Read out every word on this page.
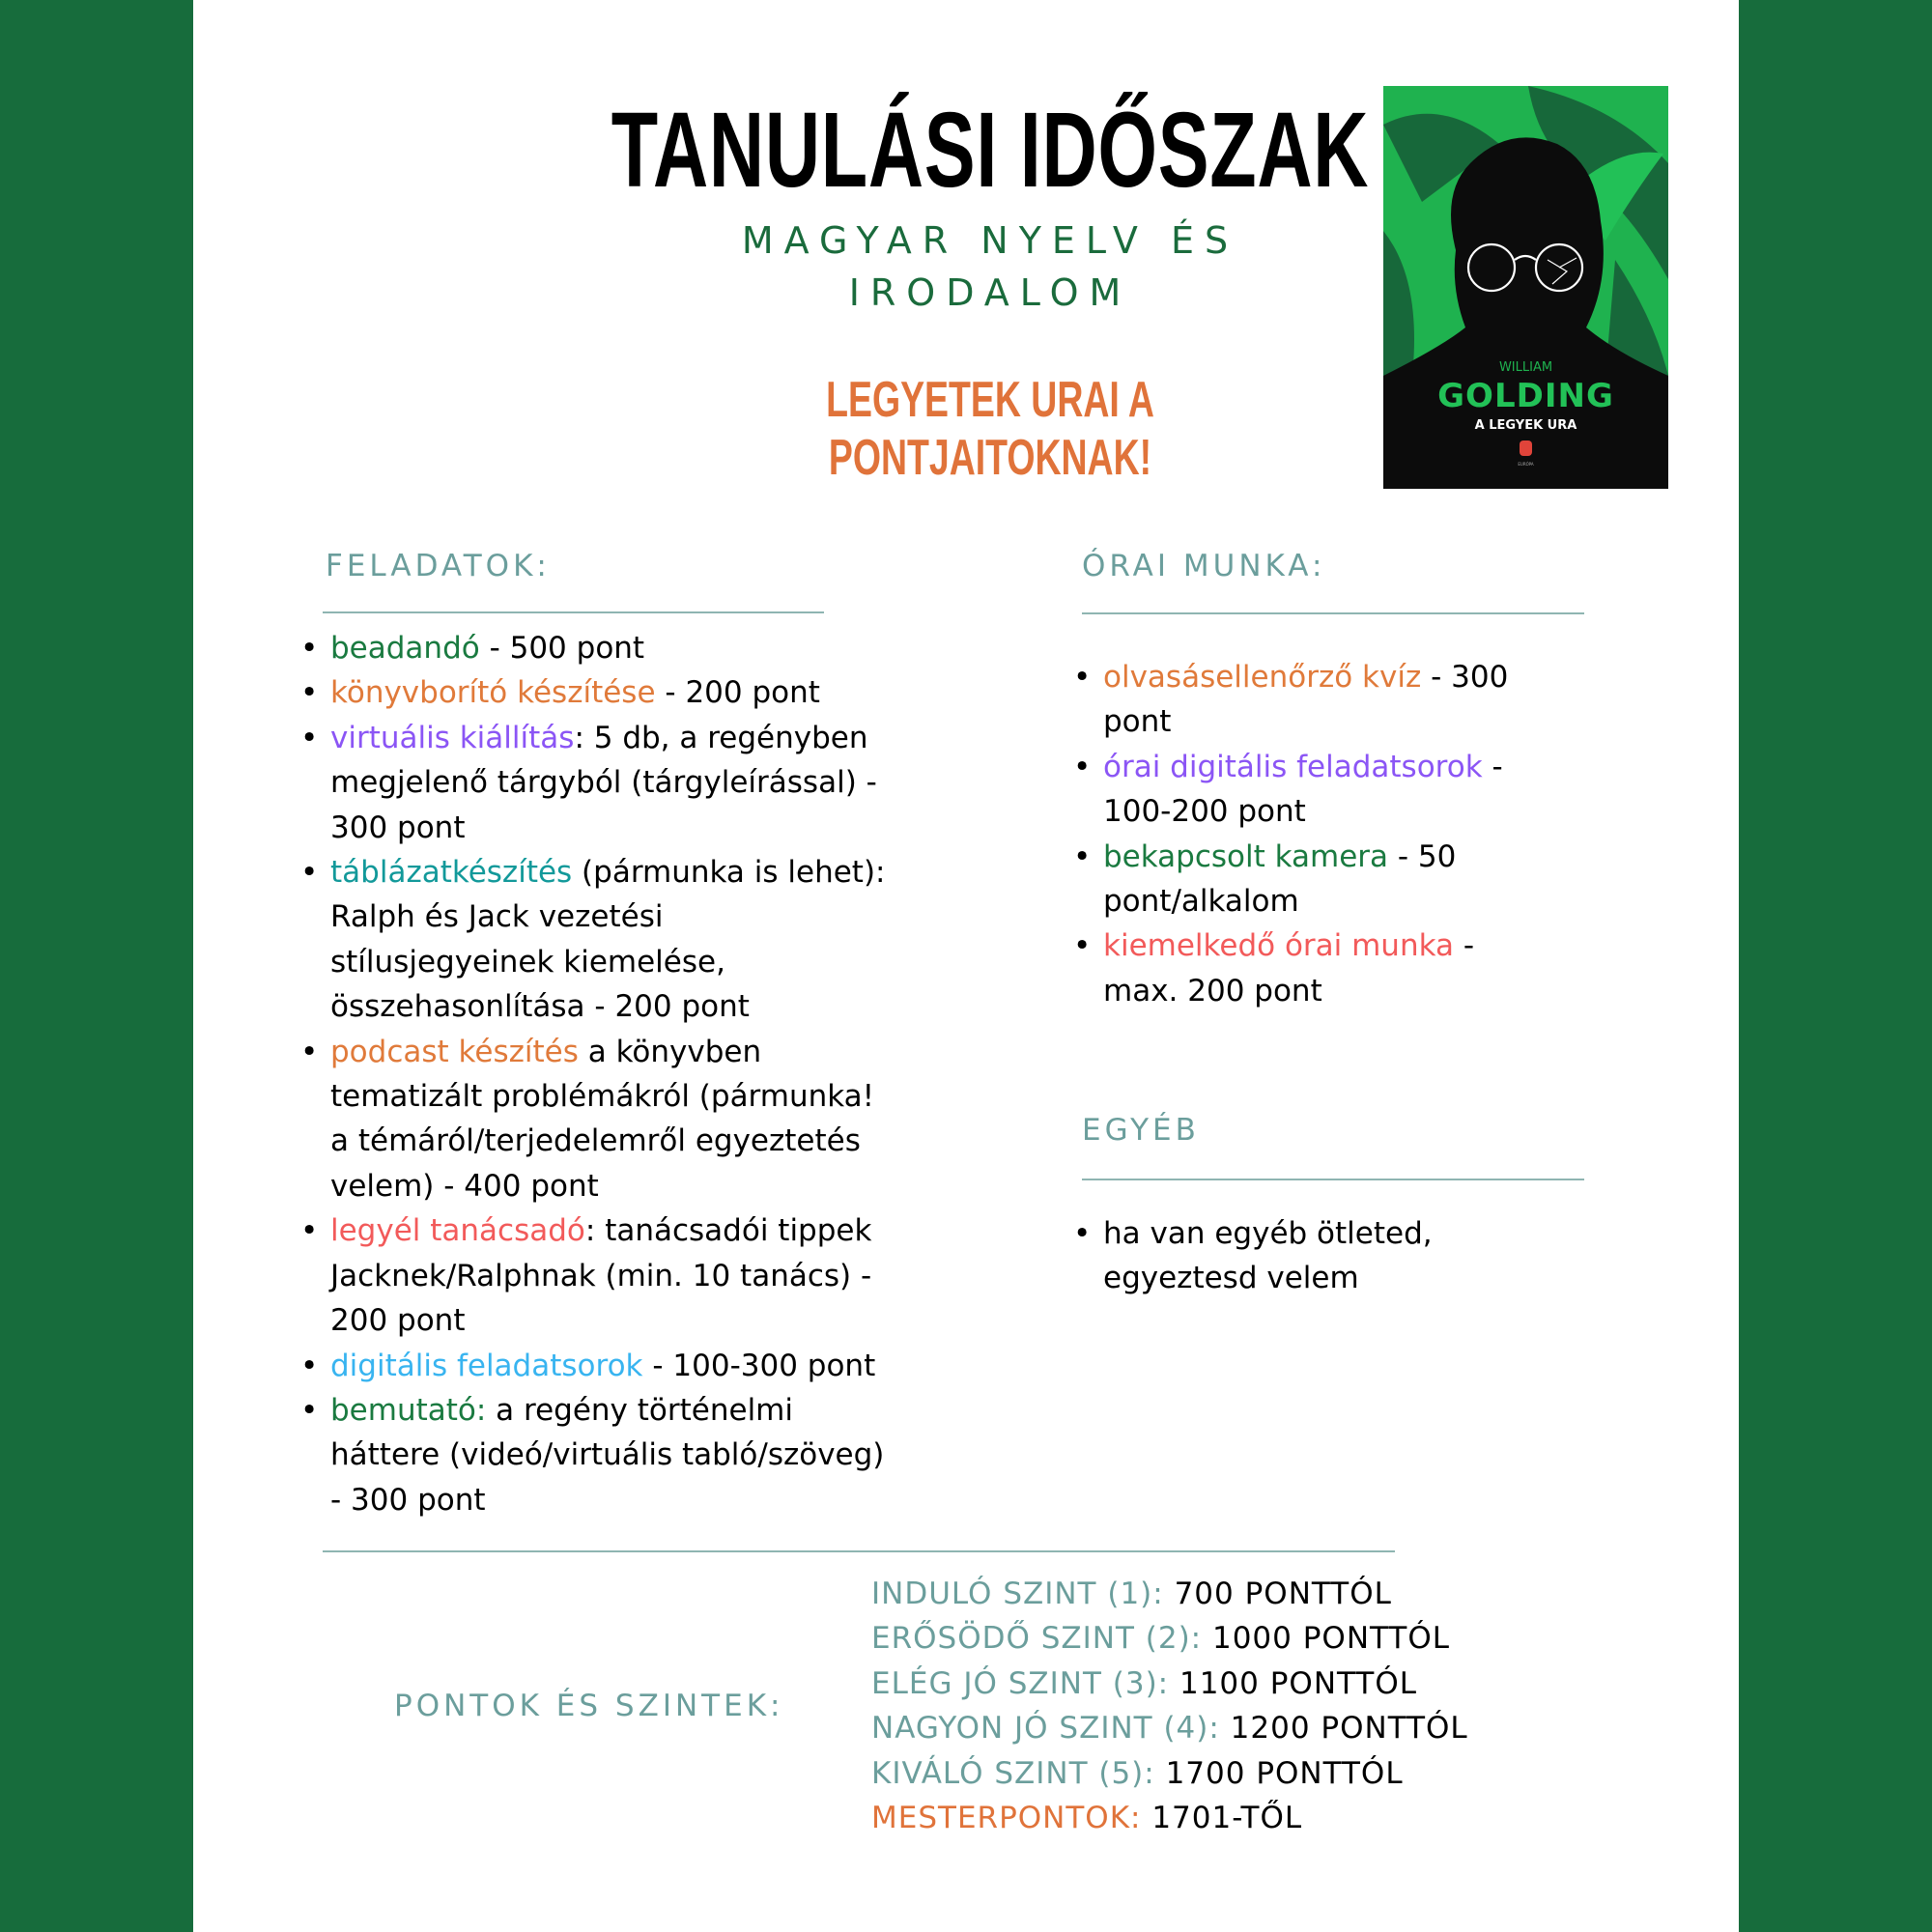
TANULÁSI IDŐSZAK
MAGYAR NYELV ÉS
IRODALOM
LEGYETEK URAI A PONTJAITOKNAK!
WILLIAM
GOLDING
A LEGYEK URA
EURÓPA
FELADATOK:
• beadandó - 500 pont
• könyvborító készítése - 200 pont
• virtuális kiállítás: 5 db, a regényben
megjelenő tárgyból (tárgyleírással) -
300 pont
• táblázatkészítés (pármunka is lehet):
Ralph és Jack vezetési
stílusjegyeinek kiemelése,
összehasonlítása - 200 pont
• podcast készítés a könyvben
tematizált problémákról (pármunka!
a témáról/terjedelemről egyeztetés
velem) - 400 pont
• legyél tanácsadó: tanácsadói tippek
Jacknek/Ralphnak (min. 10 tanács) -
200 pont
• digitális feladatsorok - 100-300 pont
• bemutató: a regény történelmi
háttere (videó/virtuális tabló/szöveg)
- 300 pont
ÓRAI MUNKA:
• olvasásellenőrző kvíz - 300
pont
• órai digitális feladatsorok -
100-200 pont
• bekapcsolt kamera - 50
pont/alkalom
• kiemelkedő órai munka -
max. 200 pont
EGYÉB
• ha van egyéb ötleted,
egyeztesd velem
PONTOK ÉS SZINTEK:
INDULÓ SZINT (1): 700 PONTTÓL
ERŐSÖDŐ SZINT (2): 1000 PONTTÓL
ELÉG JÓ SZINT (3): 1100 PONTTÓL
NAGYON JÓ SZINT (4): 1200 PONTTÓL
KIVÁLÓ SZINT (5): 1700 PONTTÓL
MESTERPONTOK: 1701-TŐL
